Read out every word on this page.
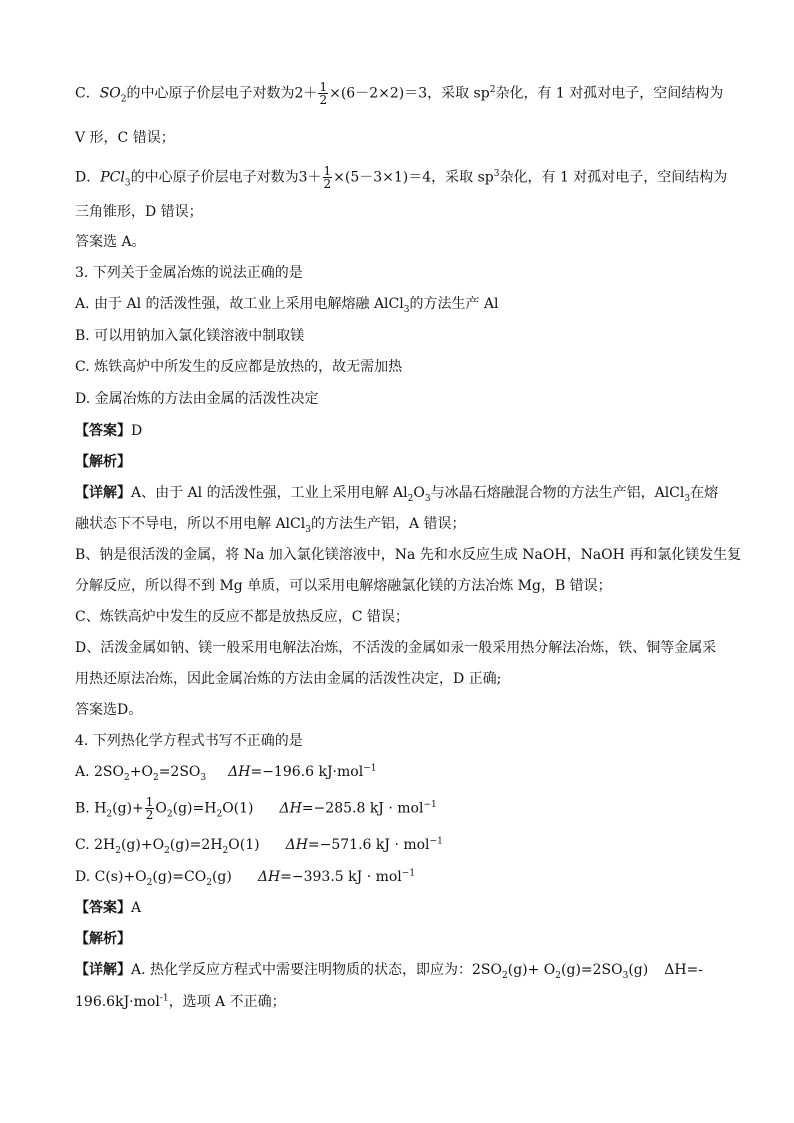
C．$SO_2$的中心原子价层电子对数为$2+ \frac{1}{2} \times(6-2\times 2)=3$，采取 $sp^2$杂化，有 1 对孤对电子，空间结构为
V 形，C 错误；
D．PCl$_3$的中心原子价层电子对数为$3+ \frac{1}{2} \times(5-3\times 1)=4$，采取 $sp^3$杂化，有 1 对孤对电子，空间结构为
三角锥形，D 错误；
答案选 A。
3. 下列关于金属冶炼的说法正确的是
A. 由于 Al 的活泼性强，故工业上采用电解熔融 AlCl$_3$的方法生产 Al
B. 可以用钠加入氯化镁溶液中制取镁
C. 炼铁高炉中所发生的反应都是放热的，故无需加热
D. 金属冶炼的方法由金属的活泼性决定
【答案】D
【解析】
【详解】A、由于 Al 的活泼性强，工业上采用电解 $Al_2O_3$与冰晶石熔融混合物的方法生产铝，AlCl$_3$在熔
融状态下不导电，所以不用电解 AlCl$_3$的方法生产铝，A 错误；
B、钠是很活泼的金属，将 Na 加入氯化镁溶液中，Na 先和水反应生成 NaOH，NaOH 再和氯化镁发生复
分解反应，所以得不到 Mg 单质，可以采用电解熔融氯化镁的方法冶炼 Mg，B 错误；
C、炼铁高炉中发生的反应不都是放热反应，C 错误；
D、活泼金属如钠、镁一般采用电解法冶炼，不活泼的金属如汞一般采用热分解法冶炼，铁、铜等金属采
用热还原法冶炼，因此金属冶炼的方法由金属的活泼性决定，D 正确;
答案选D。
4. 下列热化学方程式书写不正确的是
A. $2SO_2+O_2=2SO_3$ ΔH=−196.6 kJ·mol$^{-1}$
B. $H_2(g)+ \frac{1}{2} O_2(g)=H_2O(1)$ ΔH=−285.8 kJ · mol$^{-1}$
C. $2H_2(g)+O_2(g)=2H_2O(1)$ ΔH=−571.6 kJ · mol$^{-1}$
D. $C(s)+O_2(g)=CO_2(g)$ ΔH=−393.5 kJ · mol$^{-1}$
【答案】A
【解析】
【详解】A. 热化学反应方程式中需要注明物质的状态，即应为：$2SO_2(g)+ O_2(g)=2SO_3(g)$ ΔH=-
196.6kJ·mol$^{-1}$，选项 A 不正确；
